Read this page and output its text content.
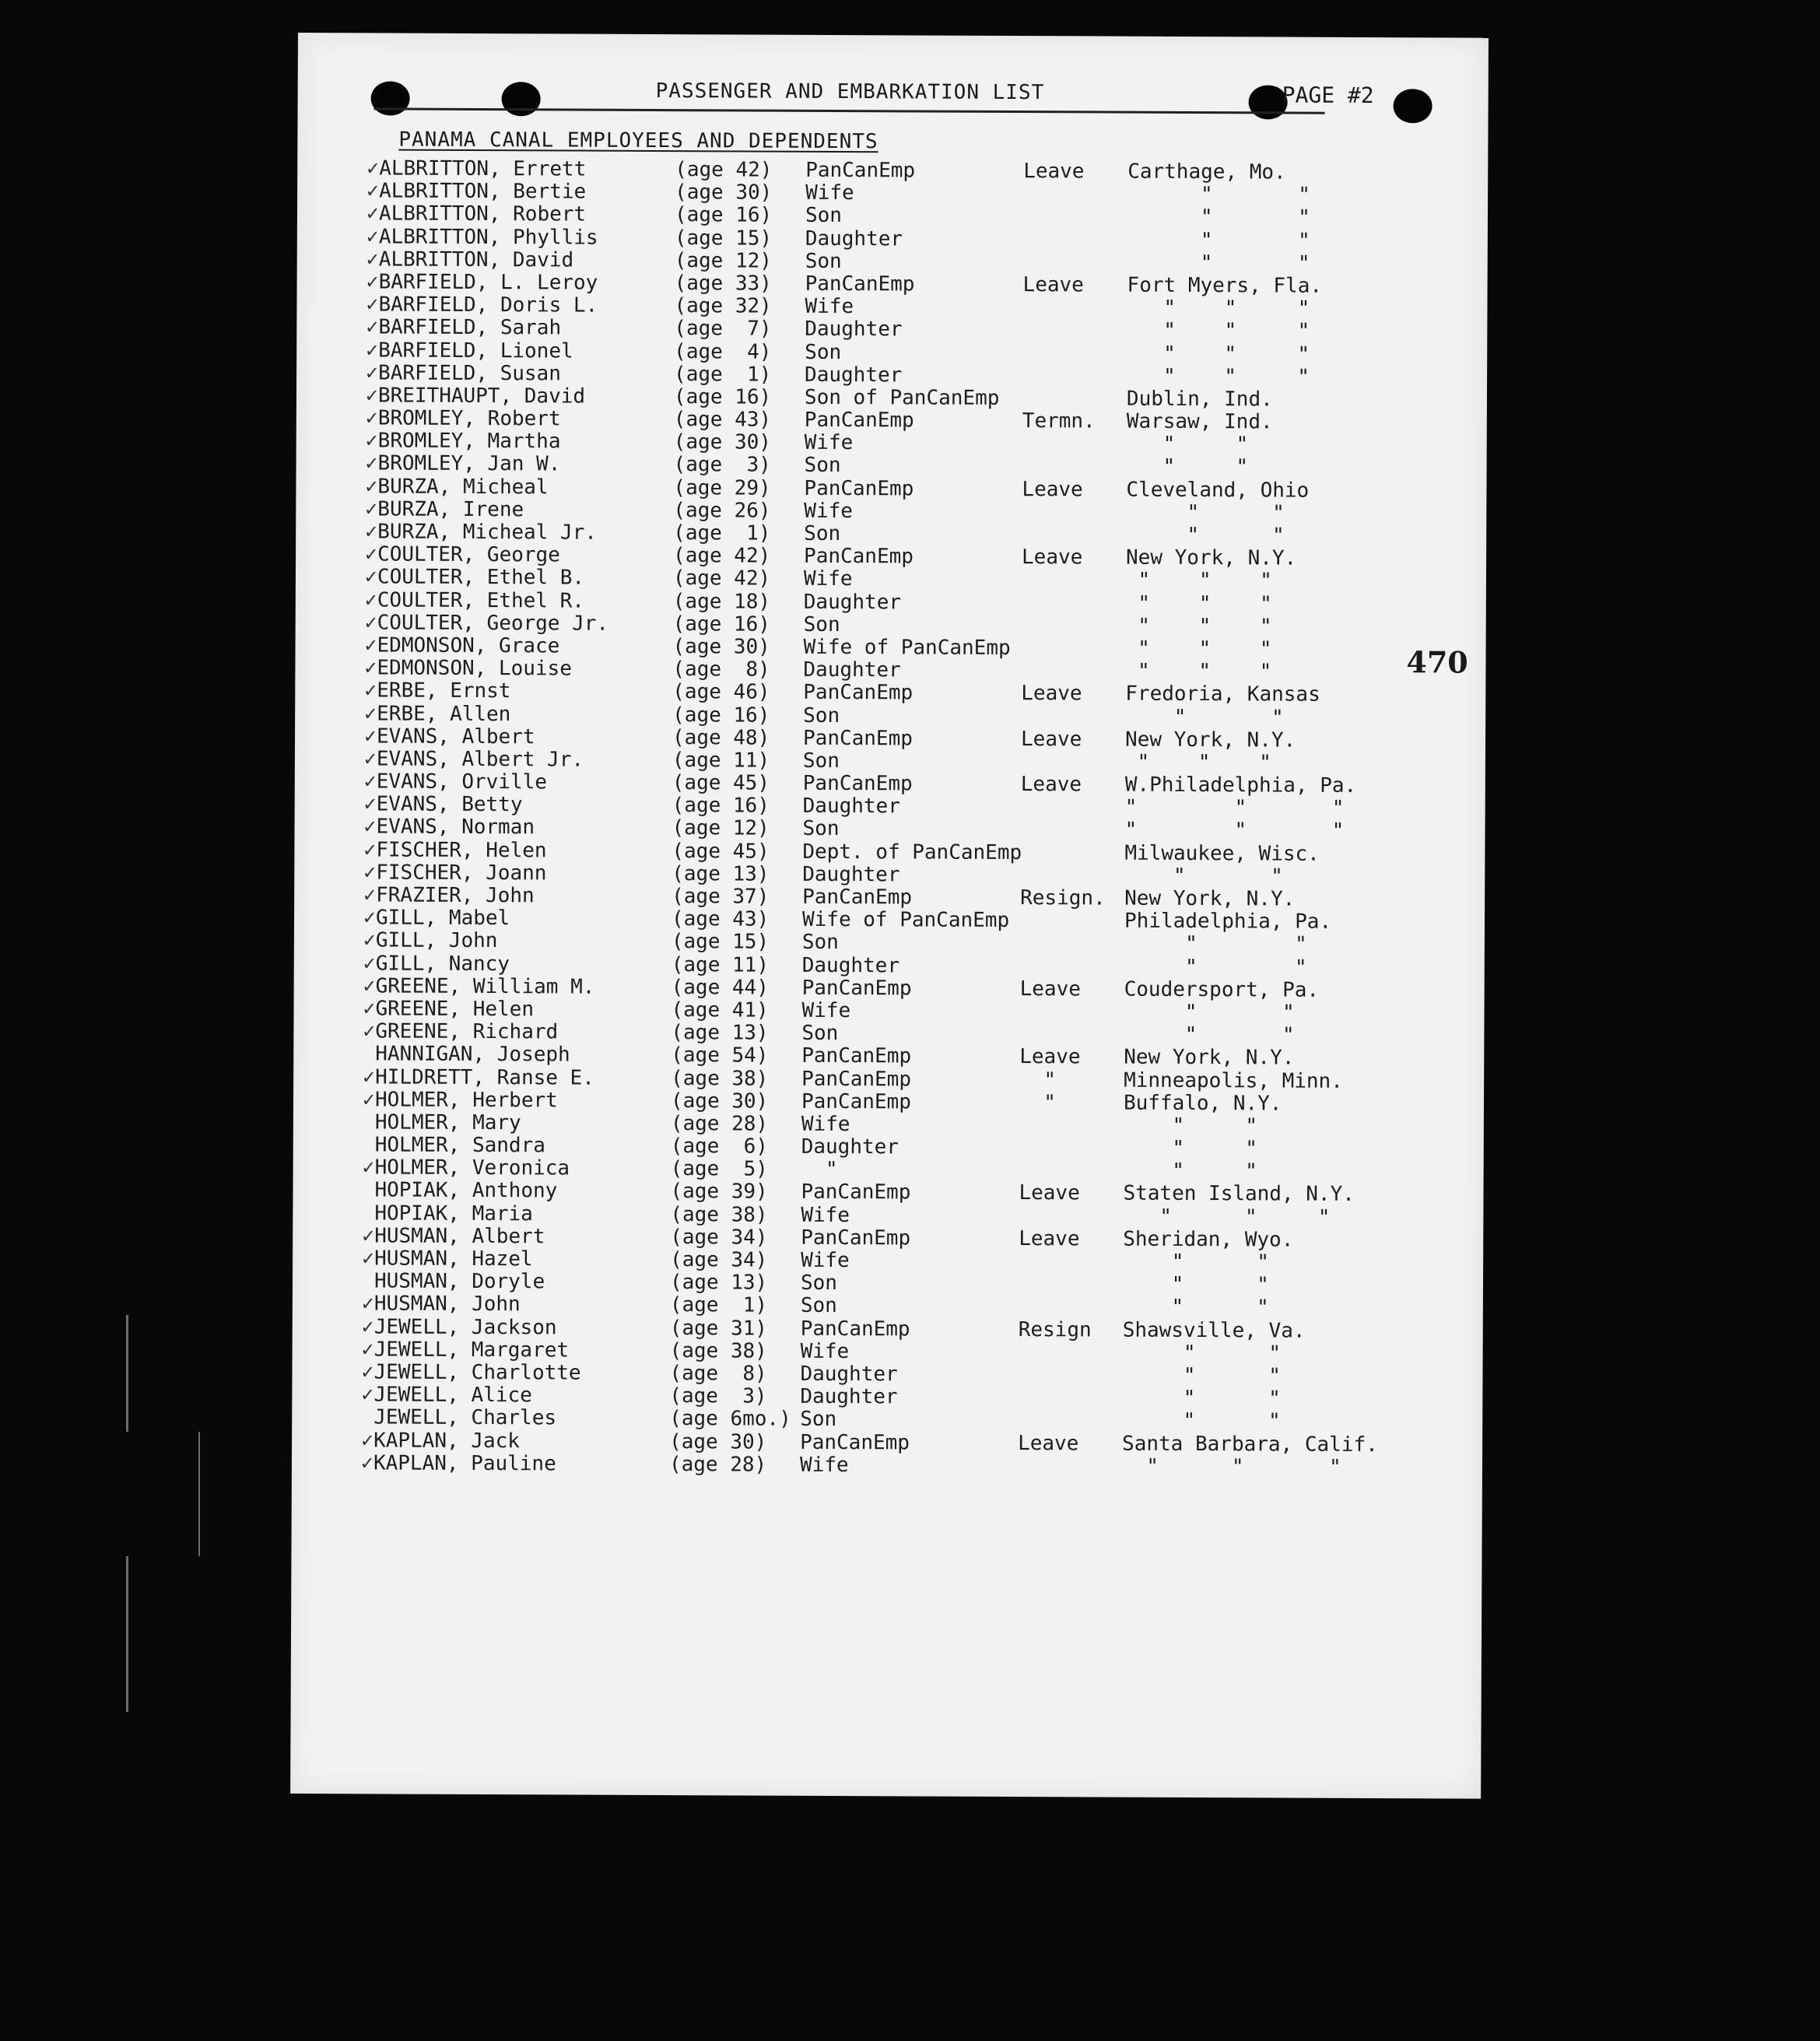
PASSENGER AND EMBARKATION LIST	PAGE #2
PANAMA CANAL EMPLOYEES AND DEPENDENTS
470
✓ ALBRITTON, Errett	(age 42) PanCanEmp	Leave Carthage, Mo.
✓ ALBRITTON, Bertie	(age 30) Wife	"       "
✓ ALBRITTON, Robert	(age 16) Son	"       "
✓ ALBRITTON, Phyllis	(age 15) Daughter	"       "
✓ ALBRITTON, David	(age 12) Son	"       "
✓ BARFIELD, L. Leroy	(age 33) PanCanEmp	Leave Fort Myers, Fla.
✓ BARFIELD, Doris L.	(age 32) Wife	"    "     "
✓ BARFIELD, Sarah	(age  7) Daughter	"    "     "
✓ BARFIELD, Lionel	(age  4) Son	"    "     "
✓ BARFIELD, Susan	(age  1) Daughter	"    "     "
✓ BREITHAUPT, David	(age 16) Son of PanCanEmp	Dublin, Ind.
✓ BROMLEY, Robert	(age 43) PanCanEmp	Termn. Warsaw, Ind.
✓ BROMLEY, Martha	(age 30) Wife	"     "
✓ BROMLEY, Jan W.	(age  3) Son	"     "
✓ BURZA, Micheal	(age 29) PanCanEmp	Leave Cleveland, Ohio
✓ BURZA, Irene	(age 26) Wife	"      "
✓ BURZA, Micheal Jr.	(age  1) Son	"      "
✓ COULTER, George	(age 42) PanCanEmp	Leave New York, N.Y.
✓ COULTER, Ethel B.	(age 42) Wife	"    "    "
✓ COULTER, Ethel R.	(age 18) Daughter	"    "    "
✓ COULTER, George Jr.	(age 16) Son	"    "    "
✓ EDMONSON, Grace	(age 30) Wife of PanCanEmp	"    "    "
✓ EDMONSON, Louise	(age  8) Daughter	"    "    "
✓ ERBE, Ernst	(age 46) PanCanEmp	Leave Fredoria, Kansas
✓ ERBE, Allen	(age 16) Son	"       "
✓ EVANS, Albert	(age 48) PanCanEmp	Leave New York, N.Y.
✓ EVANS, Albert Jr.	(age 11) Son	"    "    "
✓ EVANS, Orville	(age 45) PanCanEmp	Leave W.Philadelphia, Pa.
✓ EVANS, Betty	(age 16) Daughter	"        "       "
✓ EVANS, Norman	(age 12) Son	"        "       "
✓ FISCHER, Helen	(age 45) Dept. of PanCanEmp	Milwaukee, Wisc.
✓ FISCHER, Joann	(age 13) Daughter	"       "
✓ FRAZIER, John	(age 37) PanCanEmp	Resign. New York, N.Y.
✓ GILL, Mabel	(age 43) Wife of PanCanEmp	Philadelphia, Pa.
✓ GILL, John	(age 15) Son	"        "
✓ GILL, Nancy	(age 11) Daughter	"        "
✓ GREENE, William M.	(age 44) PanCanEmp	Leave Coudersport, Pa.
✓ GREENE, Helen	(age 41) Wife	"       "
✓ GREENE, Richard	(age 13) Son	"       "
HANNIGAN, Joseph	(age 54) PanCanEmp	Leave New York, N.Y.
✓ HILDRETT, Ranse E.	(age 38) PanCanEmp	"	Minneapolis, Minn.
✓ HOLMER, Herbert	(age 30) PanCanEmp	"	Buffalo, N.Y.
HOLMER, Mary	(age 28) Wife	"     "
HOLMER, Sandra	(age  6) Daughter	"     "
✓ HOLMER, Veronica	(age  5) "	"     "
HOPIAK, Anthony	(age 39) PanCanEmp	Leave Staten Island, N.Y.
HOPIAK, Maria	(age 38) Wife	"      "     "
✓ HUSMAN, Albert	(age 34) PanCanEmp	Leave Sheridan, Wyo.
✓ HUSMAN, Hazel	(age 34) Wife	"      "
HUSMAN, Doryle	(age 13) Son	"      "
✓ HUSMAN, John	(age  1) Son	"      "
✓ JEWELL, Jackson	(age 31) PanCanEmp	Resign Shawsville, Va.
✓ JEWELL, Margaret	(age 38) Wife	"      "
✓ JEWELL, Charlotte	(age  8) Daughter	"      "
✓ JEWELL, Alice	(age  3) Daughter	"      "
JEWELL, Charles	(age 6mo.) Son	"      "
✓ KAPLAN, Jack	(age 30) PanCanEmp	Leave Santa Barbara, Calif.
✓ KAPLAN, Pauline	(age 28) Wife	"      "       "
